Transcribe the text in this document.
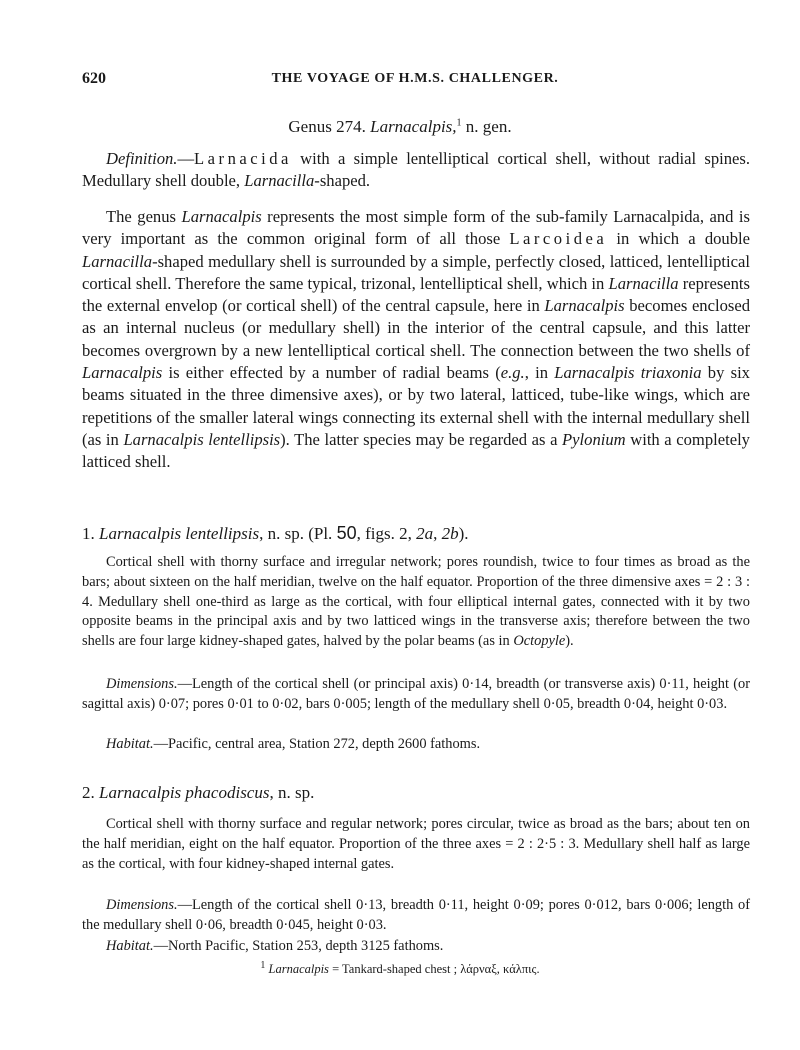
620	THE VOYAGE OF H.M.S. CHALLENGER.
Genus 274. Larnacalpis,$^1$ n. gen.

Definition.—Larnacida with a simple lentelliptical cortical shell, without radial spines. Medullary shell double, Larnacilla-shaped.

The genus Larnacalpis represents the most simple form of the sub-family Larnacalpida, and is very important as the common original form of all those Larcoidea in which a double Larnacilla-shaped medullary shell is surrounded by a simple, perfectly closed, latticed, lentelliptical cortical shell. Therefore the same typical, trizonal, lentelliptical shell, which in Larnacilla represents the external envelop (or cortical shell) of the central capsule, here in Larnacalpis becomes enclosed as an internal nucleus (or medullary shell) in the interior of the central capsule, and this latter becomes overgrown by a new lentelliptical cortical shell. The connection between the two shells of Larnacalpis is either effected by a number of radial beams (e.g., in Larnacalpis triaxonia by six beams situated in the three dimensive axes), or by two lateral, latticed, tube-like wings, which are repetitions of the smaller lateral wings connecting its external shell with the internal medullary shell (as in Larnacalpis lentellipsis). The latter species may be regarded as a Pylonium with a completely latticed shell.

1. Larnacalpis lentellipsis, n. sp. (Pl. 50, figs. 2, 2a, 2b).

Cortical shell with thorny surface and irregular network; pores roundish, twice to four times as broad as the bars; about sixteen on the half meridian, twelve on the half equator. Proportion of the three dimensive axes = 2 : 3 : 4. Medullary shell one-third as large as the cortical, with four elliptical internal gates, connected with it by two opposite beams in the principal axis and by two latticed wings in the transverse axis; therefore between the two shells are four large kidney-shaped gates, halved by the polar beams (as in Octopyle).

Dimensions.—Length of the cortical shell (or principal axis) 0·14, breadth (or transverse axis) 0·11, height (or sagittal axis) 0·07; pores 0·01 to 0·02, bars 0·005; length of the medullary shell 0·05, breadth 0·04, height 0·03.

Habitat.—Pacific, central area, Station 272, depth 2600 fathoms.

2. Larnacalpis phacodiscus, n. sp.

Cortical shell with thorny surface and regular network; pores circular, twice as broad as the bars; about ten on the half meridian, eight on the half equator. Proportion of the three axes = 2 : 2·5 : 3. Medullary shell half as large as the cortical, with four kidney-shaped internal gates.

Dimensions.—Length of the cortical shell 0·13, breadth 0·11, height 0·09; pores 0·012, bars 0·006; length of the medullary shell 0·06, breadth 0·045, height 0·03.

Habitat.—North Pacific, Station 253, depth 3125 fathoms.

$^1$ Larnacalpis = Tankard-shaped chest ; λάρναξ, κάλπις.
